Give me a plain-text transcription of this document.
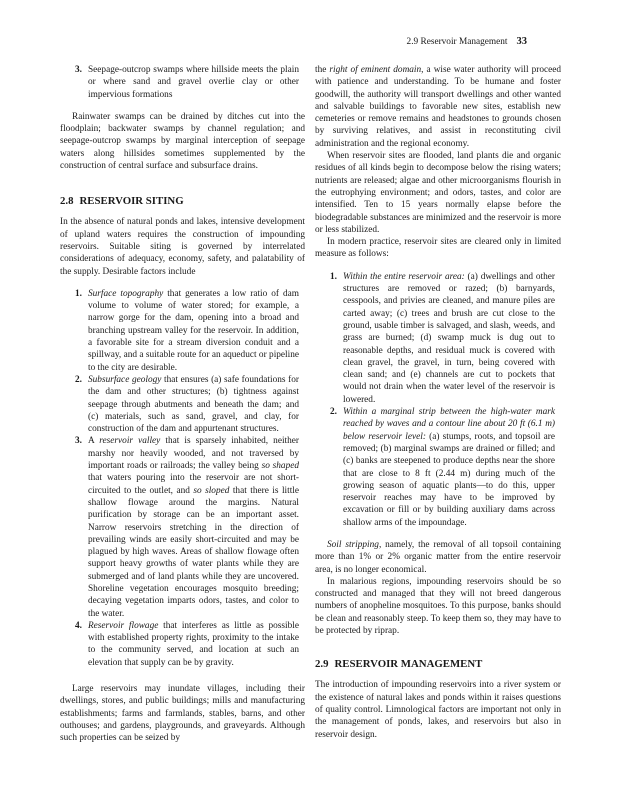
2.9 Reservoir Management 33
3. Seepage-outcrop swamps where hillside meets the plain or where sand and gravel overlie clay or other impervious formations

Rainwater swamps can be drained by ditches cut into the floodplain; backwater swamps by channel regulation; and seepage-outcrop swamps by marginal interception of seepage waters along hillsides sometimes supplemented by the construction of central surface and subsurface drains.

2.8 RESERVOIR SITING

In the absence of natural ponds and lakes, intensive development of upland waters requires the construction of impounding reservoirs. Suitable siting is governed by interrelated considerations of adequacy, economy, safety, and palatability of the supply. Desirable factors include

1. Surface topography that generates a low ratio of dam volume to volume of water stored; for example, a narrow gorge for the dam, opening into a broad and branching upstream valley for the reservoir. In addition, a favorable site for a stream diversion conduit and a spillway, and a suitable route for an aqueduct or pipeline to the city are desirable.
2. Subsurface geology that ensures (a) safe foundations for the dam and other structures; (b) tightness against seepage through abutments and beneath the dam; and (c) materials, such as sand, gravel, and clay, for construction of the dam and appurtenant structures.
3. A reservoir valley that is sparsely inhabited, neither marshy nor heavily wooded, and not traversed by important roads or railroads; the valley being so shaped that waters pouring into the reservoir are not short-circuited to the outlet, and so sloped that there is little shallow flowage around the margins. Natural purification by storage can be an important asset. Narrow reservoirs stretching in the direction of prevailing winds are easily short-circuited and may be plagued by high waves. Areas of shallow flowage often support heavy growths of water plants while they are submerged and of land plants while they are uncovered. Shoreline vegetation encourages mosquito breeding; decaying vegetation imparts odors, tastes, and color to the water.
4. Reservoir flowage that interferes as little as possible with established property rights, proximity to the intake to the community served, and location at such an elevation that supply can be by gravity.

Large reservoirs may inundate villages, including their dwellings, stores, and public buildings; mills and manufacturing establishments; farms and farmlands, stables, barns, and other outhouses; and gardens, playgrounds, and graveyards. Although such properties can be seized by

the right of eminent domain, a wise water authority will proceed with patience and understanding. To be humane and foster goodwill, the authority will transport dwellings and other wanted and salvable buildings to favorable new sites, establish new cemeteries or remove remains and headstones to grounds chosen by surviving relatives, and assist in reconstituting civil administration and the regional economy.

When reservoir sites are flooded, land plants die and organic residues of all kinds begin to decompose below the rising waters; nutrients are released; algae and other microorganisms flourish in the eutrophying environment; and odors, tastes, and color are intensified. Ten to 15 years normally elapse before the biodegradable substances are minimized and the reservoir is more or less stabilized.

In modern practice, reservoir sites are cleared only in limited measure as follows:

1. Within the entire reservoir area: (a) dwellings and other structures are removed or razed; (b) barnyards, cesspools, and privies are cleaned, and manure piles are carted away; (c) trees and brush are cut close to the ground, usable timber is salvaged, and slash, weeds, and grass are burned; (d) swamp muck is dug out to reasonable depths, and residual muck is covered with clean gravel, the gravel, in turn, being covered with clean sand; and (e) channels are cut to pockets that would not drain when the water level of the reservoir is lowered.
2. Within a marginal strip between the high-water mark reached by waves and a contour line about 20 ft (6.1 m) below reservoir level: (a) stumps, roots, and topsoil are removed; (b) marginal swamps are drained or filled; and (c) banks are steepened to produce depths near the shore that are close to 8 ft (2.44 m) during much of the growing season of aquatic plants—to do this, upper reservoir reaches may have to be improved by excavation or fill or by building auxiliary dams across shallow arms of the impoundage.

Soil stripping, namely, the removal of all topsoil containing more than 1% or 2% organic matter from the entire reservoir area, is no longer economical.

In malarious regions, impounding reservoirs should be so constructed and managed that they will not breed dangerous numbers of anopheline mosquitoes. To this purpose, banks should be clean and reasonably steep. To keep them so, they may have to be protected by riprap.

2.9 RESERVOIR MANAGEMENT

The introduction of impounding reservoirs into a river system or the existence of natural lakes and ponds within it raises questions of quality control. Limnological factors are important not only in the management of ponds, lakes, and reservoirs but also in reservoir design.
